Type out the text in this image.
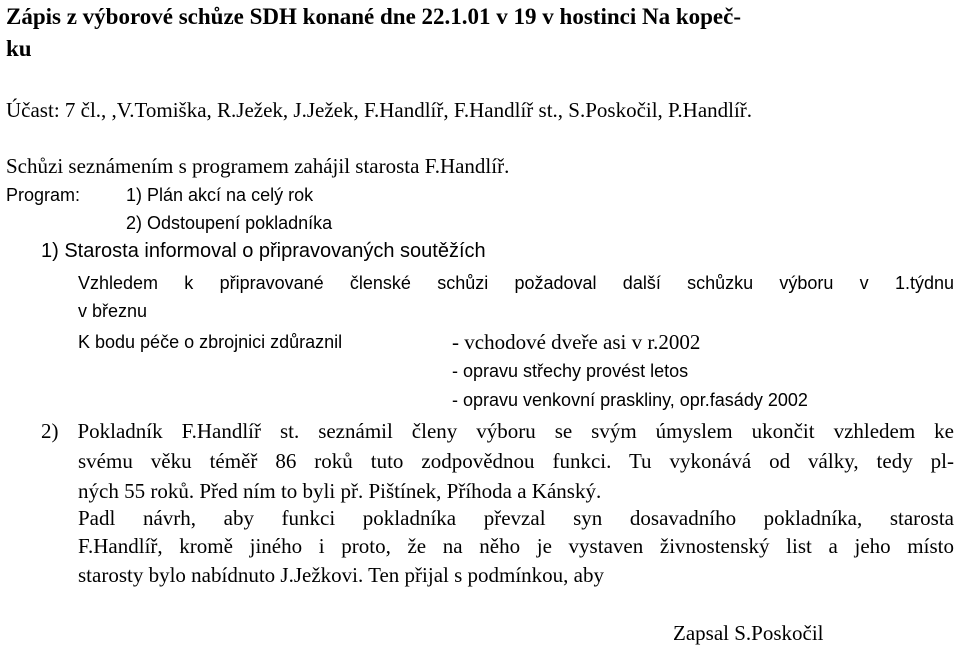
Zápis z výborové schůze SDH konané dne 22.1.01 v 19 v hostinci Na kopeč-
ku
Účast: 7 čl., ,V.Tomiška, R.Ježek, J.Ježek, F.Handlíř, F.Handlíř st., S.Poskočil, P.Handlíř.
Schůzi seznámením s programem zahájil starosta F.Handlíř.
Program:	1) Plán akcí na celý rok
2) Odstoupení pokladníka
1) Starosta informoval o připravovaných soutěžích
Vzhledem k připravované členské schůzi požadoval další schůzku výboru v 1.týdnu
v březnu
K bodu péče o zbrojnici zdůraznil	- vchodové dveře asi v r.2002
- opravu střechy provést letos
- opravu venkovní praskliny, opr.fasády 2002
2) Pokladník F.Handlíř st. seznámil členy výboru se svým úmyslem ukončit vzhledem ke
svému věku téměř 86 roků tuto zodpovědnou funkci. Tu vykonává od války, tedy pl-
ných 55 roků. Před ním to byli př. Pištínek, Příhoda a Kánský.
Padl návrh, aby funkci pokladníka převzal syn dosavadního pokladníka, starosta
F.Handlíř, kromě jiného i proto, že na něho je vystaven živnostenský list a jeho místo
starosty bylo nabídnuto J.Ježkovi. Ten přijal s podmínkou, aby
Zapsal S.Poskočil
